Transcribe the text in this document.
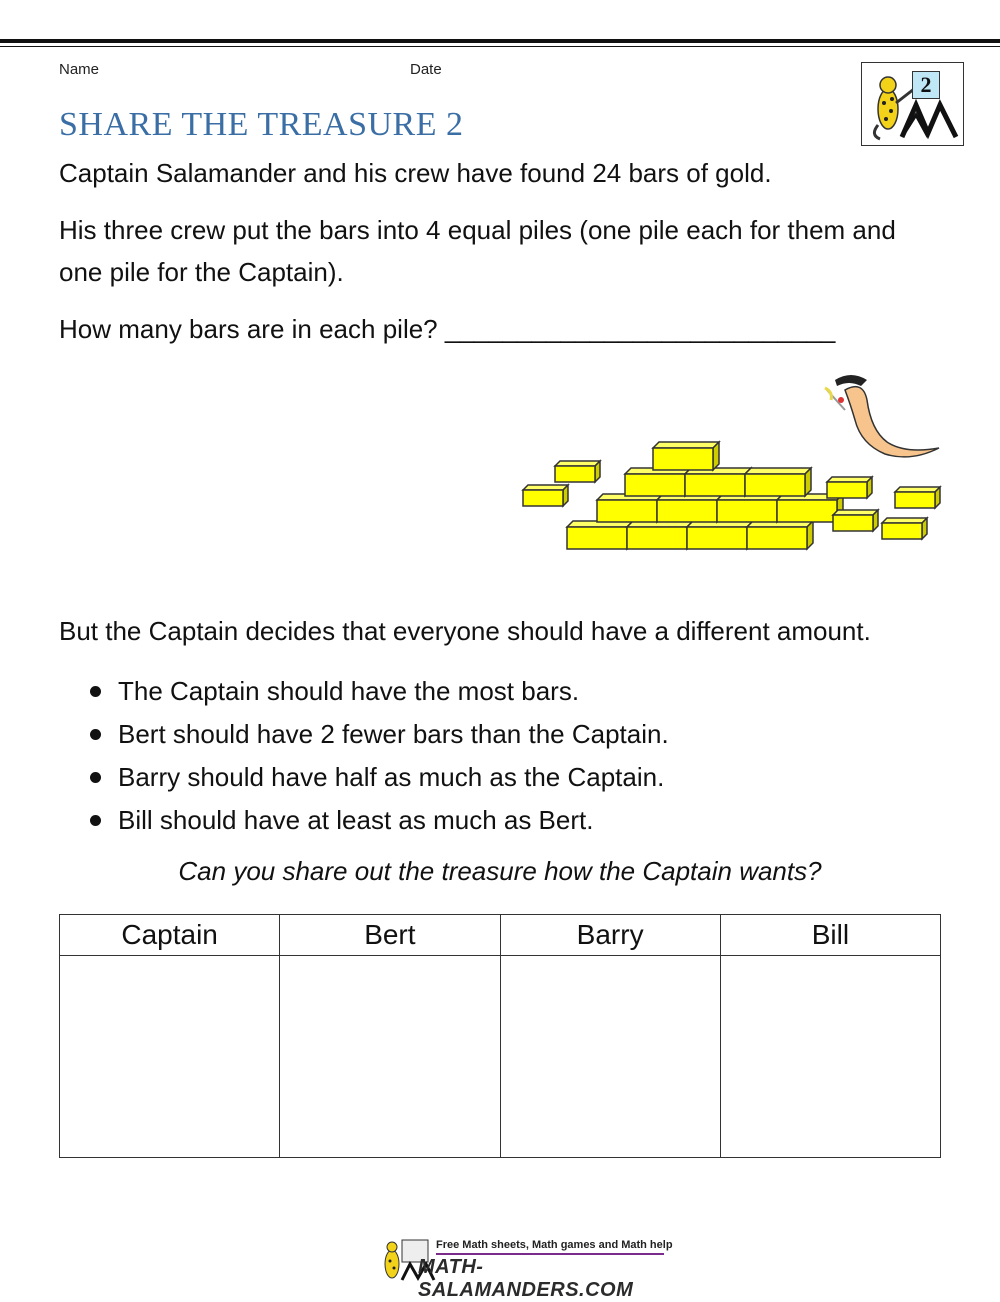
Name	Date
2
SHARE THE TREASURE 2
Captain Salamander and his crew have found 24 bars of gold.
His three crew put the bars into 4 equal piles (one pile each for them and
one pile for the Captain).
How many bars are in each pile? ___________________________
But the Captain decides that everyone should have a different amount.
The Captain should have the most bars.
Bert should have 2 fewer bars than the Captain.
Barry should have half as much as the Captain.
Bill should have at least as much as Bert.
Can you share out the treasure how the Captain wants?
Captain	Bert	Barry	Bill

Free Math sheets, Math games and Math help
MATH-SALAMANDERS.COM
